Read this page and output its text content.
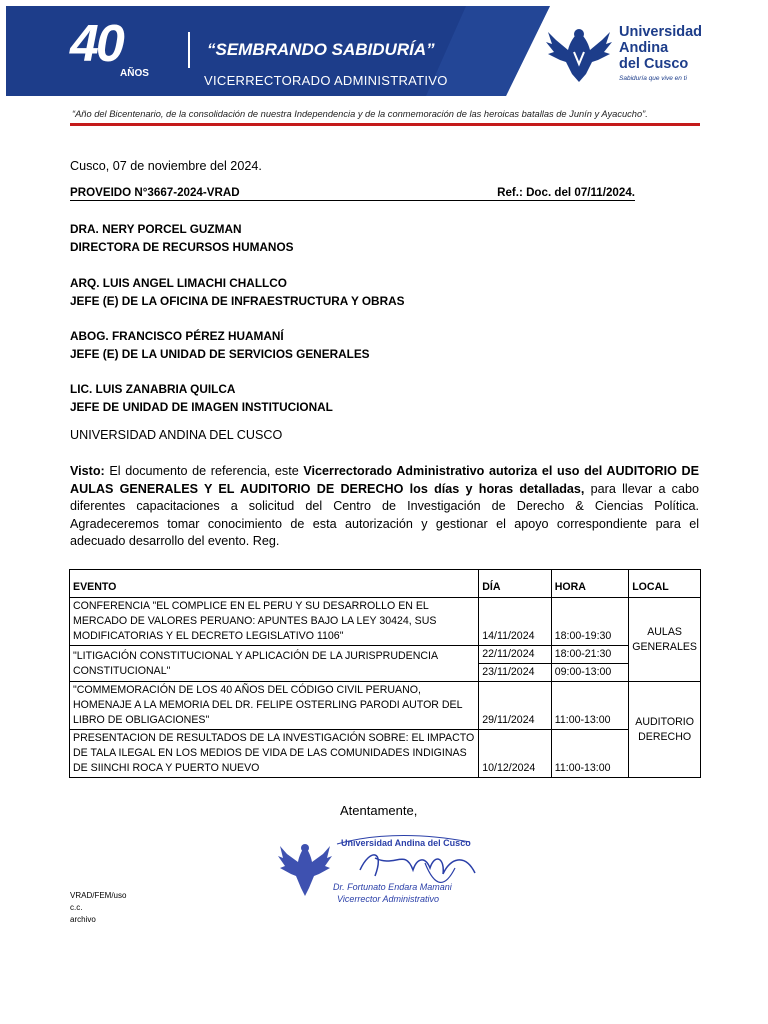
40
AÑOS
“SEMBRANDO SABIDURÍA”
VICERRECTORADO ADMINISTRATIVO
Universidad
Andina
del Cusco
Sabiduría que vive en ti
“Año del Bicentenario, de la consolidación de nuestra Independencia y de la conmemoración de las heroicas batallas de Junín y Ayacucho”.
Cusco, 07 de noviembre del 2024.
PROVEIDO N°3667-2024-VRAD	Ref.: Doc. del 07/11/2024.
DRA. NERY PORCEL GUZMAN
DIRECTORA DE RECURSOS HUMANOS
ARQ. LUIS ANGEL LIMACHI CHALLCO
JEFE (E) DE LA OFICINA DE INFRAESTRUCTURA Y OBRAS
ABOG. FRANCISCO PÉREZ HUAMANÍ
JEFE (E) DE LA UNIDAD DE SERVICIOS GENERALES
LIC. LUIS ZANABRIA QUILCA
JEFE DE UNIDAD DE IMAGEN INSTITUCIONAL
UNIVERSIDAD ANDINA DEL CUSCO
Visto: El documento de referencia, este Vicerrectorado Administrativo autoriza el uso del AUDITORIO DE AULAS GENERALES Y EL AUDITORIO DE DERECHO los días y horas detalladas, para llevar a cabo diferentes capacitaciones a solicitud del Centro de Investigación de Derecho & Ciencias Política. Agradeceremos tomar conocimiento de esta autorización y gestionar el apoyo correspondiente para el adecuado desarrollo del evento. Reg.
EVENTO	DÍA	HORA	LOCAL
CONFERENCIA "EL COMPLICE EN EL PERU Y SU DESARROLLO EN EL MERCADO DE VALORES PERUANO: APUNTES BAJO LA LEY 30424, SUS MODIFICATORIAS Y EL DECRETO LEGISLATIVO 1106"	14/11/2024	18:00-19:30	AULAS GENERALES
"LITIGACIÓN CONSTITUCIONAL Y APLICACIÓN DE LA JURISPRUDENCIA CONSTITUCIONAL"	22/11/2024	18:00-21:30	
	23/11/2024	09:00-13:00	
"COMMEMORACIÓN DE LOS 40 AÑOS DEL CÓDIGO CIVIL PERUANO, HOMENAJE A LA MEMORIA DEL DR. FELIPE OSTERLING PARODI AUTOR DEL LIBRO DE OBLIGACIONES"	29/11/2024	11:00-13:00	AUDITORIO DERECHO
PRESENTACION DE RESULTADOS DE LA INVESTIGACIÓN SOBRE: EL IMPACTO DE TALA ILEGAL EN LOS MEDIOS DE VIDA DE LAS COMUNIDADES INDIGINAS DE SIINCHI ROCA Y PUERTO NUEVO	10/12/2024	11:00-13:00	
Atentamente,
Universidad Andina del Cusco
Dr. Fortunato Endara Mamani
Vicerrector Administrativo
VRAD/FEM/uso
c.c.
archivo
